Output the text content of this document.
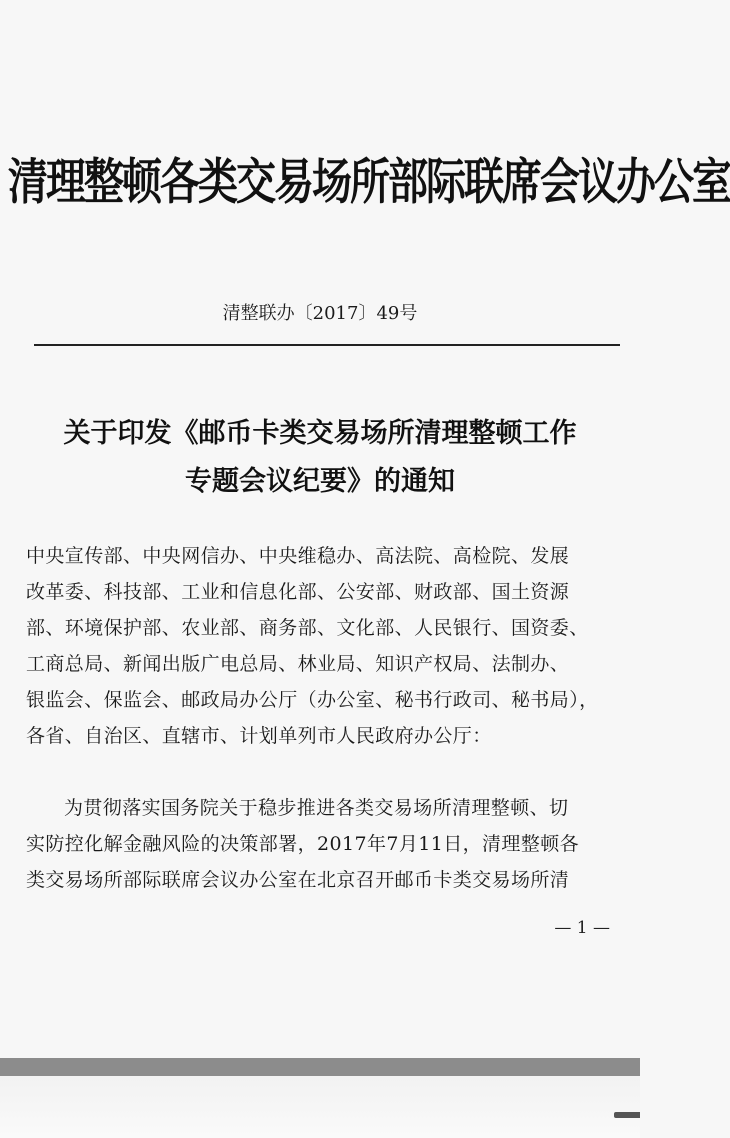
清理整顿各类交易场所部际联席会议办公室
清整联办〔2017〕49号
关于印发《邮币卡类交易场所清理整顿工作
专题会议纪要》的通知
中央宣传部、中央网信办、中央维稳办、高法院、高检院、发展
改革委、科技部、工业和信息化部、公安部、财政部、国土资源
部、环境保护部、农业部、商务部、文化部、人民银行、国资委、
工商总局、新闻出版广电总局、林业局、知识产权局、法制办、
银监会、保监会、邮政局办公厅（办公室、秘书行政司、秘书局），
各省、自治区、直辖市、计划单列市人民政府办公厅：
为贯彻落实国务院关于稳步推进各类交易场所清理整顿、切
实防控化解金融风险的决策部署，2017年7月11日，清理整顿各
类交易场所部际联席会议办公室在北京召开邮币卡类交易场所清
— 1 —
